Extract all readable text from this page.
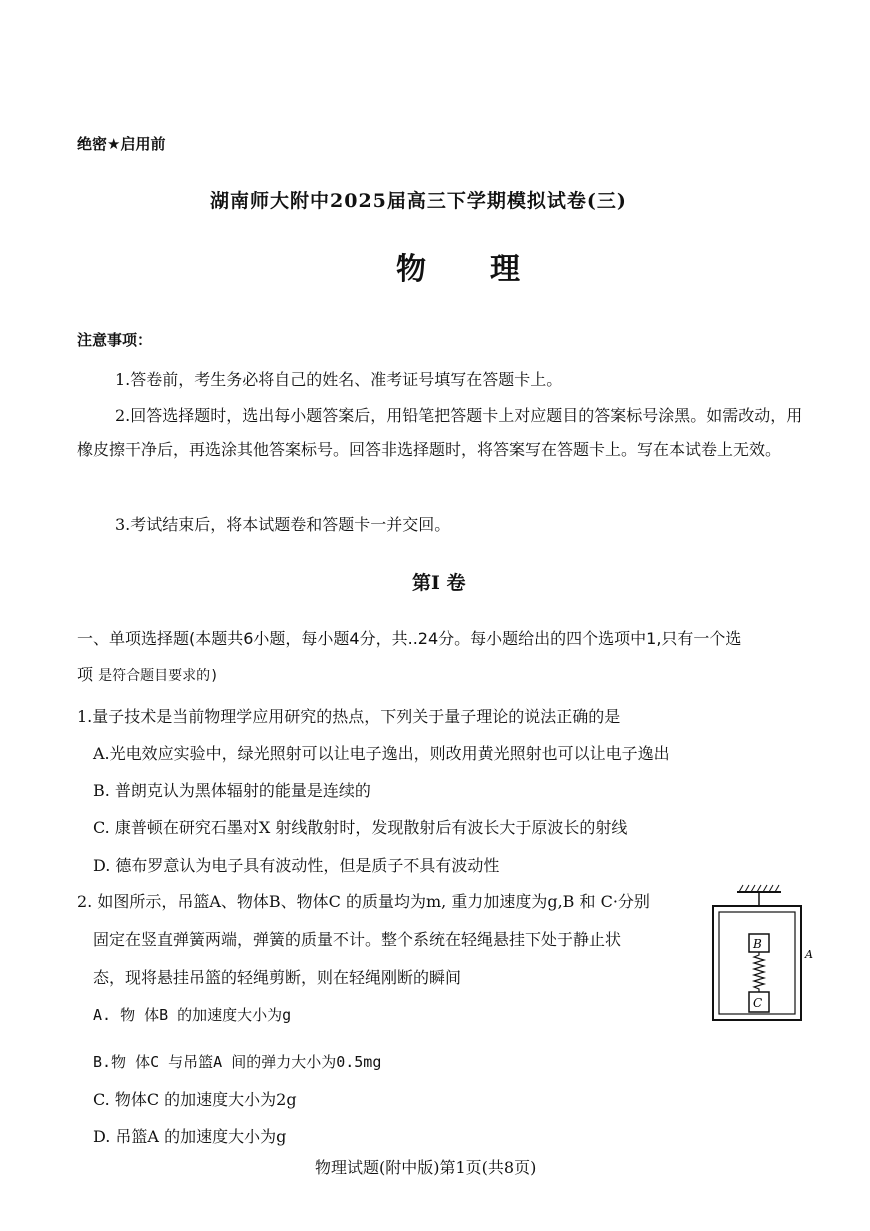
绝密★启用前
湖南师大附中2025届高三下学期模拟试卷(三)
物 理
注意事项：
1.答卷前，考生务必将自己的姓名、准考证号填写在答题卡上。
2.回答选择题时，选出每小题答案后，用铅笔把答题卡上对应题目的答案标号涂黑。如需改动，用橡皮擦干净后，再选涂其他答案标号。回答非选择题时，将答案写在答题卡上。写在本试卷上无效。
3.考试结束后，将本试题卷和答题卡一并交回。
第I 卷
一、单项选择题(本题共6小题，每小题4分，共..24分。每小题给出的四个选项中1,只有一个选
项 是符合题目要求的)
1.量子技术是当前物理学应用研究的热点，下列关于量子理论的说法正确的是
A.光电效应实验中，绿光照射可以让电子逸出，则改用黄光照射也可以让电子逸出
B. 普朗克认为黑体辐射的能量是连续的
C. 康普顿在研究石墨对X 射线散射时，发现散射后有波长大于原波长的射线
D. 德布罗意认为电子具有波动性，但是质子不具有波动性
2. 如图所示，吊篮A、物体B、物体C 的质量均为m, 重力加速度为g,B 和 C·分别
固定在竖直弹簧两端，弹簧的质量不计。整个系统在轻绳悬挂下处于静止状
态，现将悬挂吊篮的轻绳剪断，则在轻绳刚断的瞬间
A. 物 体B 的加速度大小为g
B.物 体C 与吊篮A 间的弹力大小为0.5mg
C. 物体C 的加速度大小为2g
D. 吊篮A 的加速度大小为g
B
C
A
物理试题(附中版)第1页(共8页)
